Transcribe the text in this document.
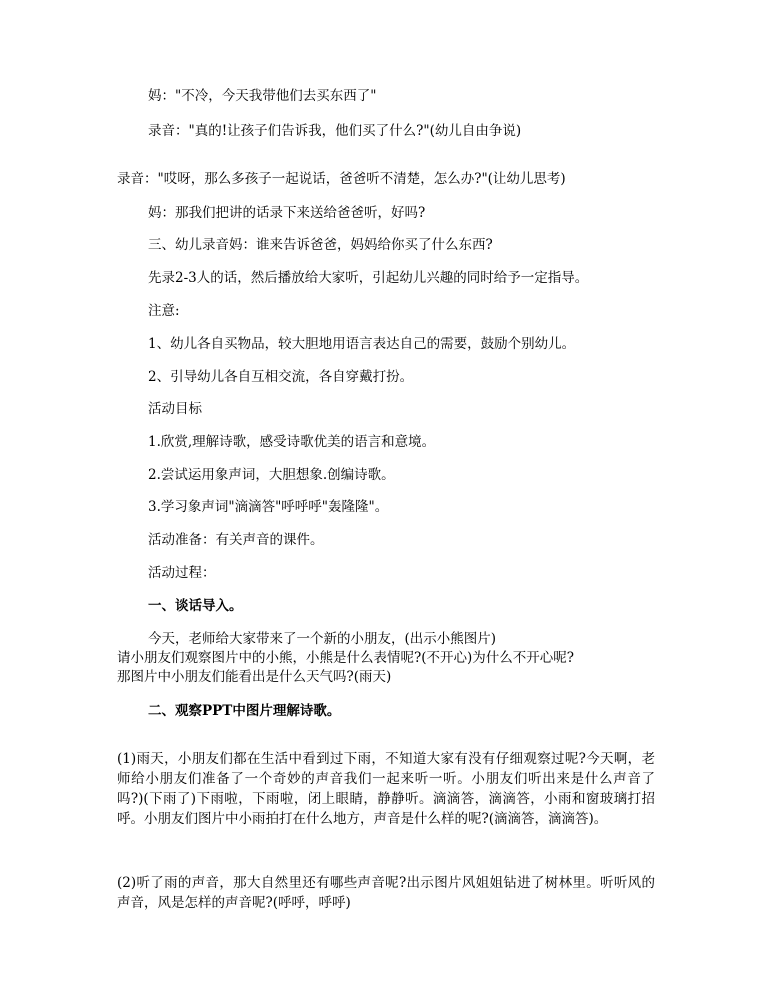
妈："不冷，今天我带他们去买东西了"
录音："真的!让孩子们告诉我，他们买了什么?"(幼儿自由争说)
录音："哎呀，那么多孩子一起说话，爸爸听不清楚，怎么办?"(让幼儿思考)
妈：那我们把讲的话录下来送给爸爸听，好吗?
三、幼儿录音妈：谁来告诉爸爸，妈妈给你买了什么东西?
先录2-3人的话，然后播放给大家听，引起幼儿兴趣的同时给予一定指导。
注意:
1、幼儿各自买物品，较大胆地用语言表达自己的需要，鼓励个别幼儿。
2、引导幼儿各自互相交流，各自穿戴打扮。
活动目标
1.欣赏,理解诗歌，感受诗歌优美的语言和意境。
2.尝试运用象声词，大胆想象.创编诗歌。
3.学习象声词"滴滴答"呼呼呼"轰隆隆"。
活动准备：有关声音的课件。
活动过程：
一、谈话导入。
今天，老师给大家带来了一个新的小朋友，(出示小熊图片)
请小朋友们观察图片中的小熊，小熊是什么表情呢?(不开心)为什么不开心呢?
那图片中小朋友们能看出是什么天气吗?(雨天)
二、观察PPT中图片理解诗歌。
(1)雨天，小朋友们都在生活中看到过下雨，不知道大家有没有仔细观察过呢?今天啊，老师给小朋友们准备了一个奇妙的声音我们一起来听一听。小朋友们听出来是什么声音了吗?)(下雨了)下雨啦，下雨啦，闭上眼睛，静静听。滴滴答，滴滴答，小雨和窗玻璃打招呼。小朋友们图片中小雨拍打在什么地方，声音是什么样的呢?(滴滴答，滴滴答)。
(2)听了雨的声音，那大自然里还有哪些声音呢?出示图片风姐姐钻进了树林里。听听风的声音，风是怎样的声音呢?(呼呼，呼呼)
